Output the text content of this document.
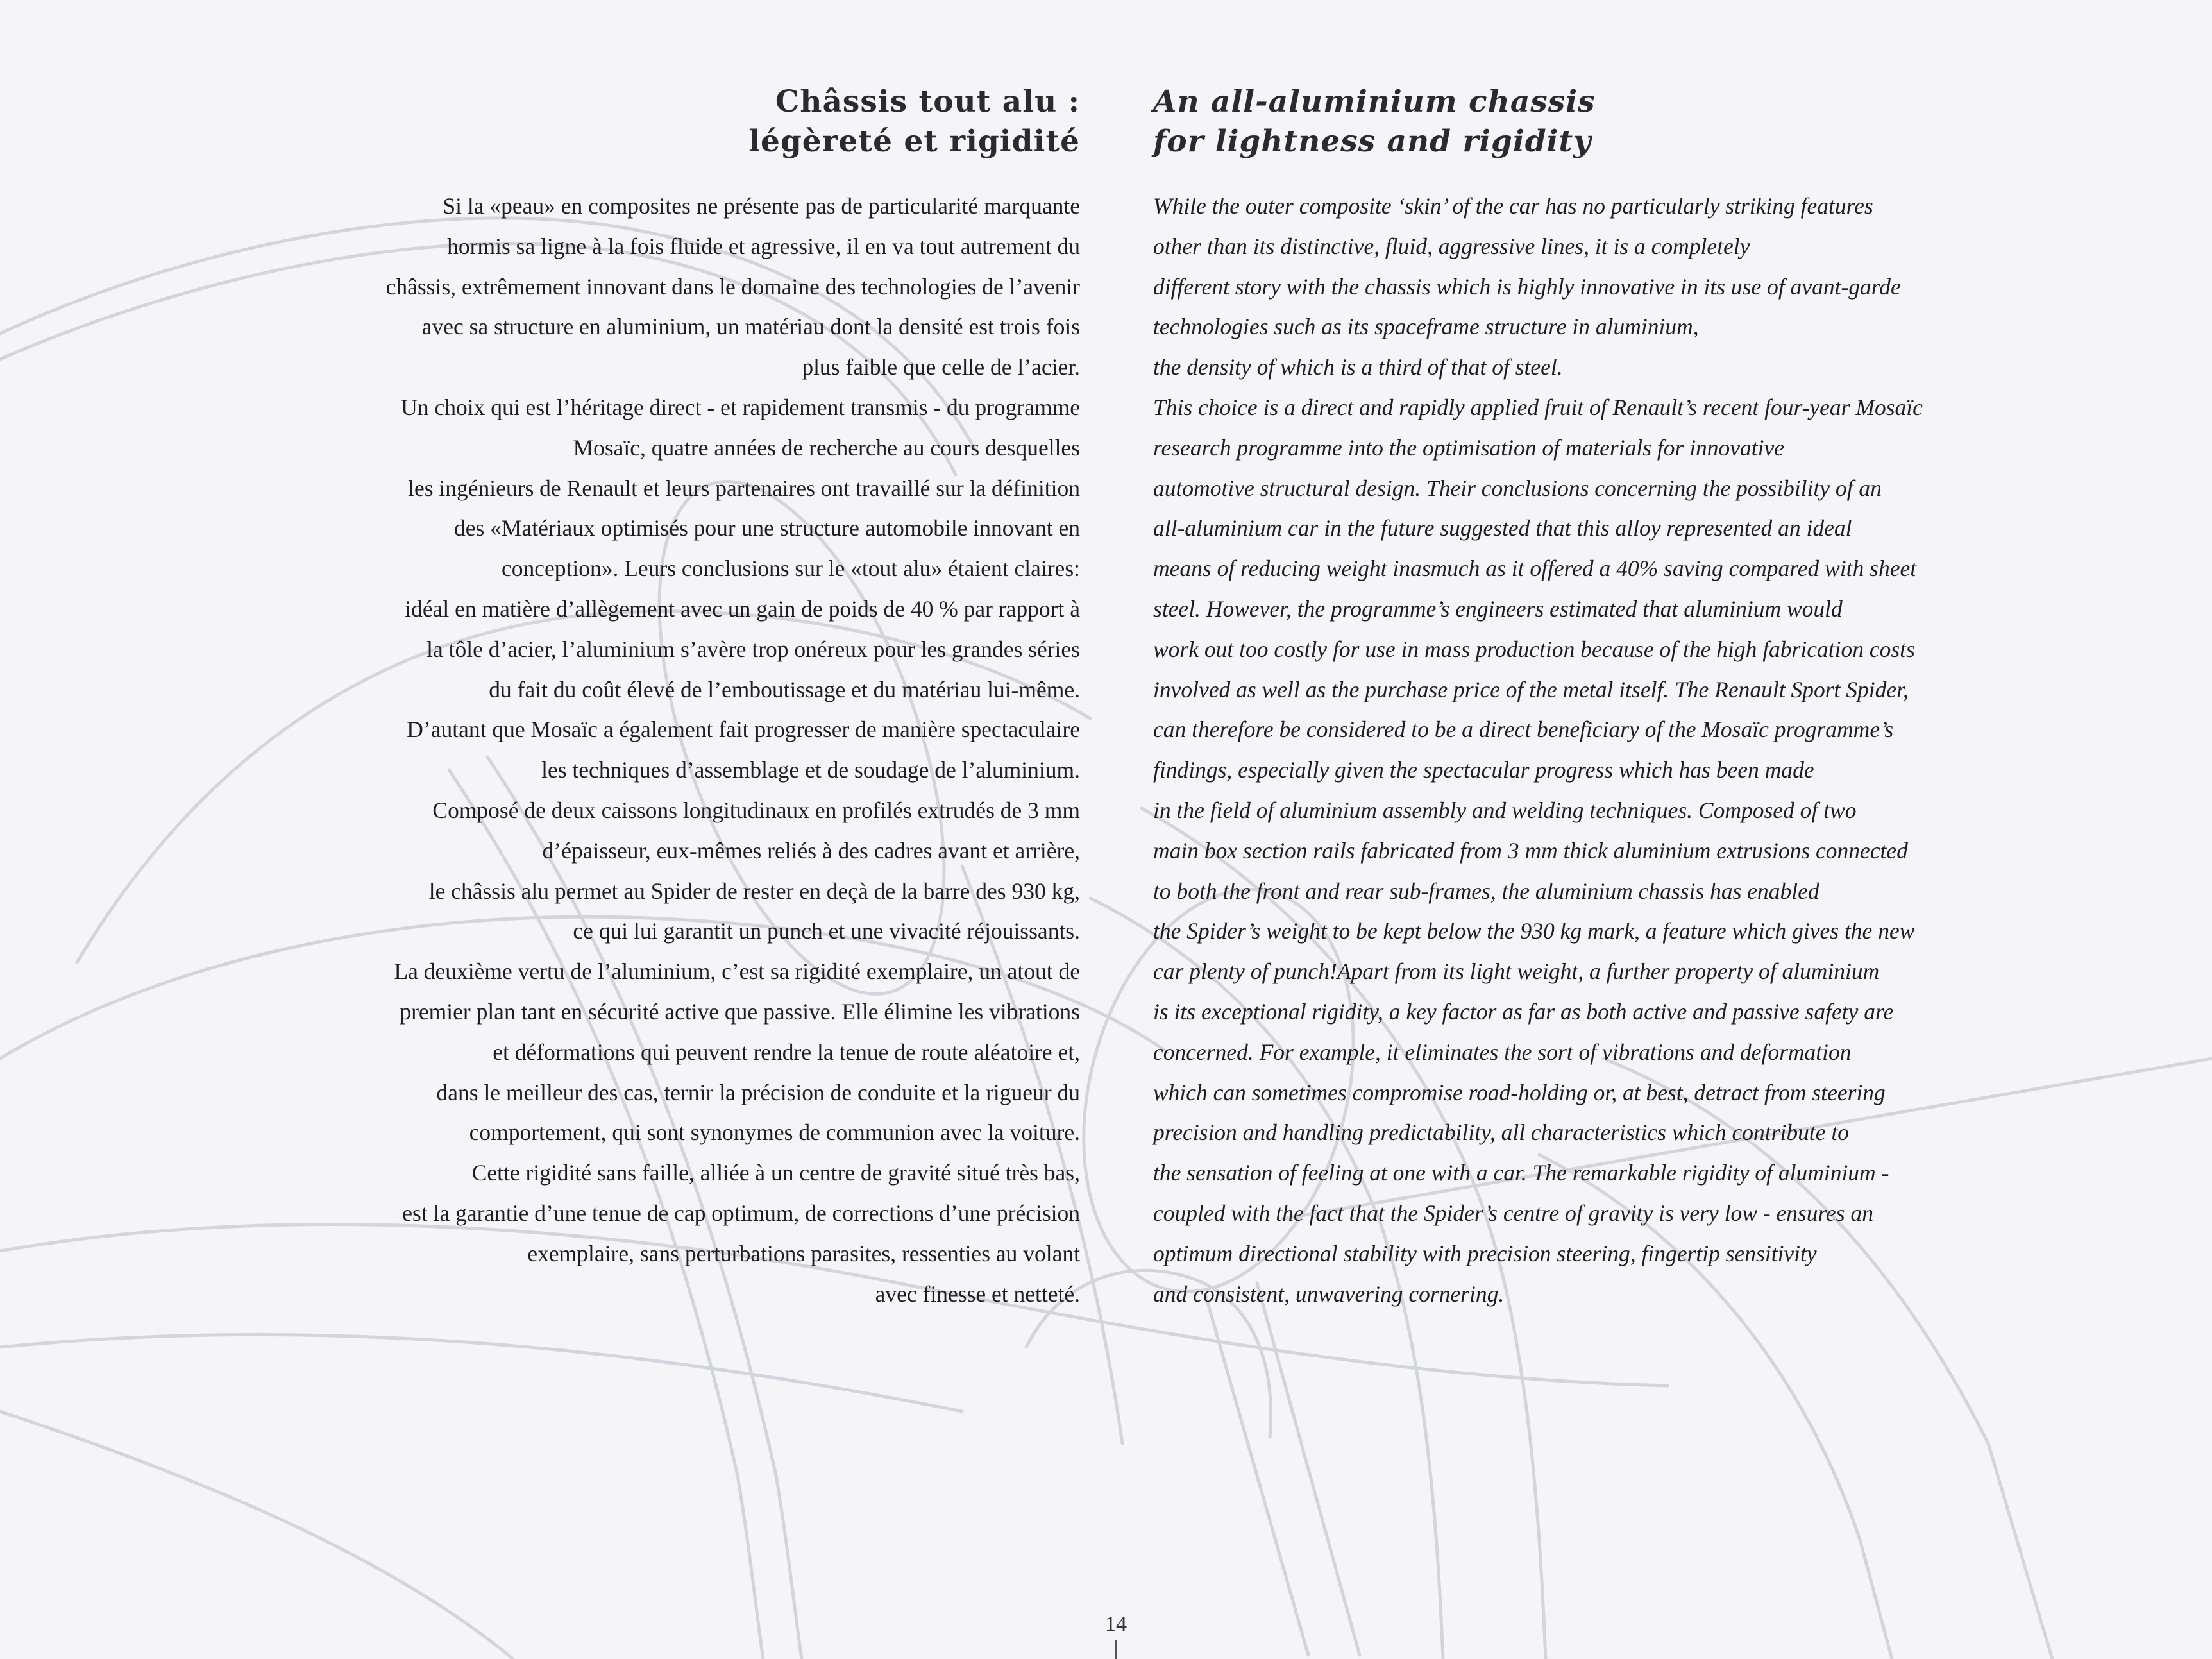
Châssis tout alu :
légèreté et rigidité
Si la «peau» en composites ne présente pas de particularité marquante
hormis sa ligne à la fois fluide et agressive, il en va tout autrement du
châssis, extrêmement innovant dans le domaine des technologies de l’avenir
avec sa structure en aluminium, un matériau dont la densité est trois fois
plus faible que celle de l’acier.
Un choix qui est l’héritage direct - et rapidement transmis - du programme
Mosaïc, quatre années de recherche au cours desquelles
les ingénieurs de Renault et leurs partenaires ont travaillé sur la définition
des «Matériaux optimisés pour une structure automobile innovant en
conception». Leurs conclusions sur le «tout alu» étaient claires:
idéal en matière d’allègement avec un gain de poids de 40 % par rapport à
la tôle d’acier, l’aluminium s’avère trop onéreux pour les grandes séries
du fait du coût élevé de l’emboutissage et du matériau lui-même.
D’autant que Mosaïc a également fait progresser de manière spectaculaire
les techniques d’assemblage et de soudage de l’aluminium.
Composé de deux caissons longitudinaux en profilés extrudés de 3 mm
d’épaisseur, eux-mêmes reliés à des cadres avant et arrière,
le châssis alu permet au Spider de rester en deçà de la barre des 930 kg,
ce qui lui garantit un punch et une vivacité réjouissants.
La deuxième vertu de l’aluminium, c’est sa rigidité exemplaire, un atout de
premier plan tant en sécurité active que passive. Elle élimine les vibrations
et déformations qui peuvent rendre la tenue de route aléatoire et,
dans le meilleur des cas, ternir la précision de conduite et la rigueur du
comportement, qui sont synonymes de communion avec la voiture.
Cette rigidité sans faille, alliée à un centre de gravité situé très bas,
est la garantie d’une tenue de cap optimum, de corrections d’une précision
exemplaire, sans perturbations parasites, ressenties au volant
avec finesse et netteté.
An all-aluminium chassis
for lightness and rigidity
While the outer composite ‘skin’ of the car has no particularly striking features
other than its distinctive, fluid, aggressive lines, it is a completely
different story with the chassis which is highly innovative in its use of avant-garde
technologies such as its spaceframe structure in aluminium,
the density of which is a third of that of steel.
This choice is a direct and rapidly applied fruit of Renault’s recent four-year Mosaïc
research programme into the optimisation of materials for innovative
automotive structural design. Their conclusions concerning the possibility of an
all-aluminium car in the future suggested that this alloy represented an ideal
means of reducing weight inasmuch as it offered a 40% saving compared with sheet
steel. However, the programme’s engineers estimated that aluminium would
work out too costly for use in mass production because of the high fabrication costs
involved as well as the purchase price of the metal itself. The Renault Sport Spider,
can therefore be considered to be a direct beneficiary of the Mosaïc programme’s
findings, especially given the spectacular progress which has been made
in the field of aluminium assembly and welding techniques. Composed of two
main box section rails fabricated from 3 mm thick aluminium extrusions connected
to both the front and rear sub-frames, the aluminium chassis has enabled
the Spider’s weight to be kept below the 930 kg mark, a feature which gives the new
car plenty of punch!Apart from its light weight, a further property of aluminium
is its exceptional rigidity, a key factor as far as both active and passive safety are
concerned. For example, it eliminates the sort of vibrations and deformation
which can sometimes compromise road-holding or, at best, detract from steering
precision and handling predictability, all characteristics which contribute to
the sensation of feeling at one with a car. The remarkable rigidity of aluminium -
coupled with the fact that the Spider’s centre of gravity is very low - ensures an
optimum directional stability with precision steering, fingertip sensitivity
and consistent, unwavering cornering.
14
